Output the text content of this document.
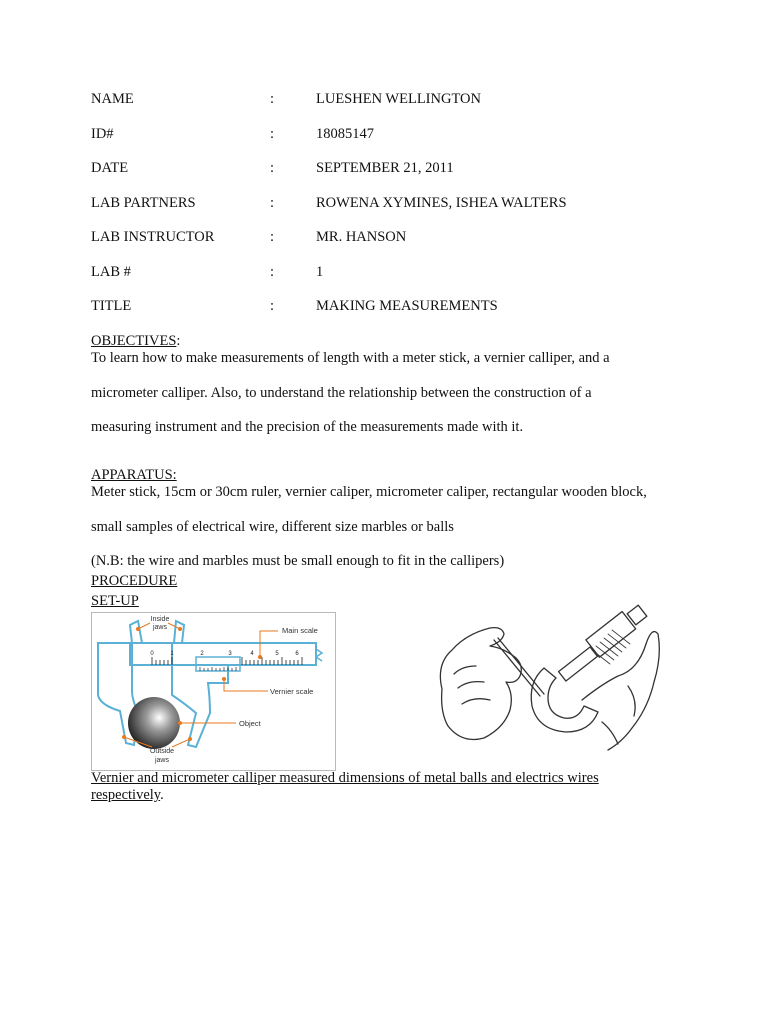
NAME	:	LUESHEN WELLINGTON
ID#	:	18085147
DATE	:	SEPTEMBER 21, 2011
LAB PARTNERS	:	ROWENA XYMINES, ISHEA WALTERS
LAB INSTRUCTOR	:	MR. HANSON
LAB #	:	1
TITLE	:	MAKING MEASUREMENTS
OBJECTIVES:
To learn how to make measurements of length with a meter stick, a vernier calliper, and a
micrometer calliper. Also, to understand the relationship between the construction of a
measuring instrument and the precision of the measurements made with it.
APPARATUS:
Meter stick, 15cm or 30cm ruler, vernier caliper, micrometer caliper, rectangular wooden block,
small samples of electrical wire, different size marbles or balls
(N.B: the wire and marbles must be small enough to fit in the callipers)
PROCEDURE
SET-UP
0	1	2	3	4	5	6
Inside
jaws	Main scale
Vernier scale
Object
Outside
jaws
Vernier and micrometer calliper measured dimensions of metal balls and electrics wires
respectively.
